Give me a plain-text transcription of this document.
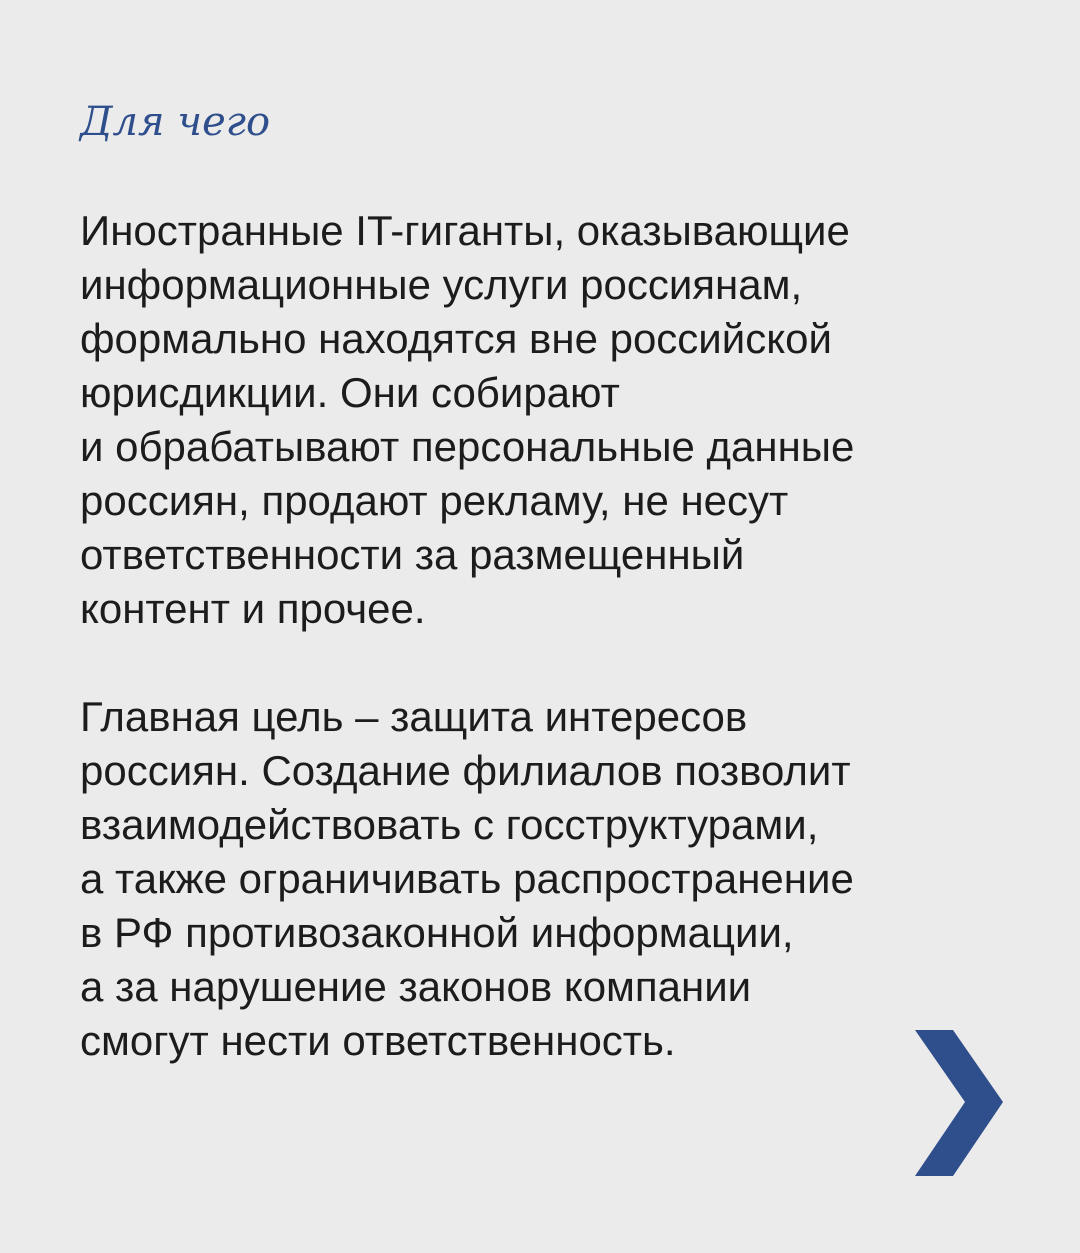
Для чего

Иностранные IT-гиганты, оказывающие
информационные услуги россиянам,
формально находятся вне российской
юрисдикции. Они собирают
и обрабатывают персональные данные
россиян, продают рекламу, не несут
ответственности за размещенный
контент и прочее.

Главная цель – защита интересов
россиян. Создание филиалов позволит
взаимодействовать с госструктурами,
а также ограничивать распространение
в РФ противозаконной информации,
а за нарушение законов компании
смогут нести ответственность.
